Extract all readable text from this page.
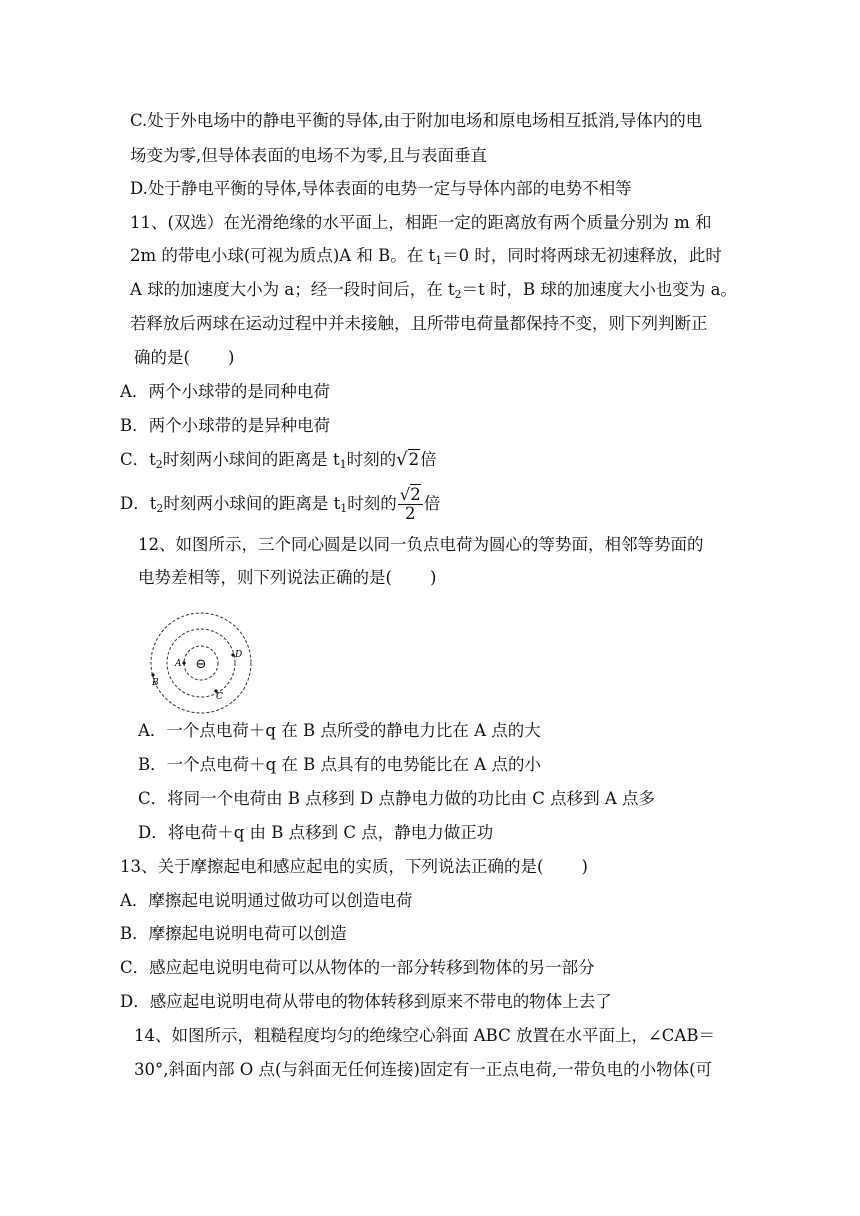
C.处于外电场中的静电平衡的导体,由于附加电场和原电场相互抵消,导体内的电
场变为零,但导体表面的电场不为零,且与表面垂直
D.处于静电平衡的导体,导体表面的电势一定与导体内部的电势不相等
11、(双选）在光滑绝缘的水平面上，相距一定的距离放有两个质量分别为 m 和
2m 的带电小球(可视为质点)A 和 B。在 $t_1=0$ 时，同时将两球无初速释放，此时
A 球的加速度大小为 a；经一段时间后，在 $t_2=t$ 时，B 球的加速度大小也变为 a。
若释放后两球在运动过程中并未接触，且所带电荷量都保持不变，则下列判断正
确的是( )
A．两个小球带的是同种电荷
B．两个小球带的是异种电荷
C．$t_2$时刻两小球间的距离是 $t_1$时刻的√2倍
D．$t_2$时刻两小球间的距离是 $t_1$时刻的 $\frac{√2}{2}$ 倍
12、如图所示，三个同心圆是以同一负点电荷为圆心的等势面，相邻等势面的
电势差相等，则下列说法正确的是( )
⊖
A
D
C
B
A．一个点电荷＋q 在 B 点所受的静电力比在 A 点的大
B．一个点电荷＋q 在 B 点具有的电势能比在 A 点的小
C．将同一个电荷由 B 点移到 D 点静电力做的功比由 C 点移到 A 点多
D．将电荷＋q 由 B 点移到 C 点，静电力做正功
13、关于摩擦起电和感应起电的实质，下列说法正确的是( )
A．摩擦起电说明通过做功可以创造电荷
B．摩擦起电说明电荷可以创造
C．感应起电说明电荷可以从物体的一部分转移到物体的另一部分
D．感应起电说明电荷从带电的物体转移到原来不带电的物体上去了
14、如图所示，粗糙程度均匀的绝缘空心斜面 ABC 放置在水平面上，∠CAB＝
30°,斜面内部 O 点(与斜面无任何连接)固定有一正点电荷,一带负电的小物体(可
